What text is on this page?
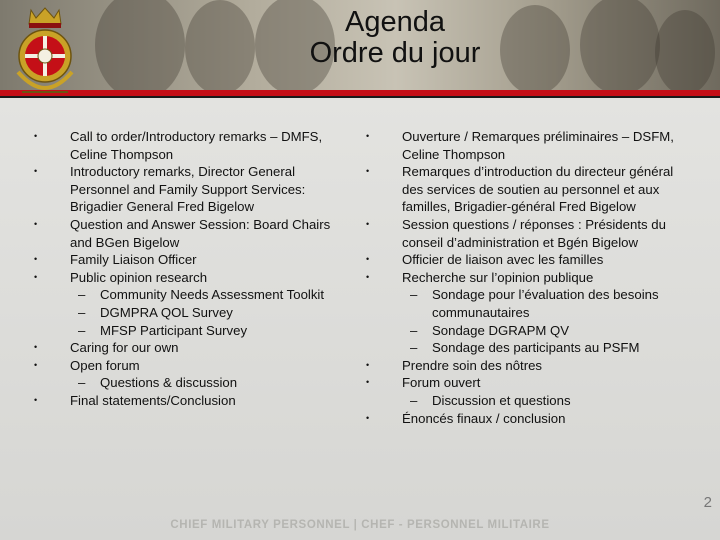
Agenda
Ordre du jour
•	Call to order/Introductory remarks – DMFS, Celine Thompson
•	Introductory remarks, Director General Personnel and Family Support Services: Brigadier General Fred Bigelow
•	Question and Answer Session: Board Chairs and BGen Bigelow
•	Family Liaison Officer
•	Public opinion research
–	Community Needs Assessment Toolkit
–	DGMPRA QOL Survey
–	MFSP Participant Survey
•	Caring for our own
•	Open forum
–	Questions & discussion
•	Final statements/Conclusion
•	Ouverture / Remarques préliminaires – DSFM, Celine Thompson
•	Remarques d’introduction du directeur général des services de soutien au personnel et aux familles, Brigadier-général Fred Bigelow
•	Session questions / réponses : Présidents du conseil d’administration et Bgén Bigelow
•	Officier de liaison avec les familles
•	Recherche sur l’opinion publique
–	Sondage pour l’évaluation des besoins communautaires
–	Sondage DGRAPM QV
–	Sondage des participants au PSFM
•	Prendre soin des nôtres
•	Forum ouvert
–	Discussion et questions
•	Énoncés finaux / conclusion
2
CHIEF MILITARY PERSONNEL | CHEF - PERSONNEL MILITAIRE
